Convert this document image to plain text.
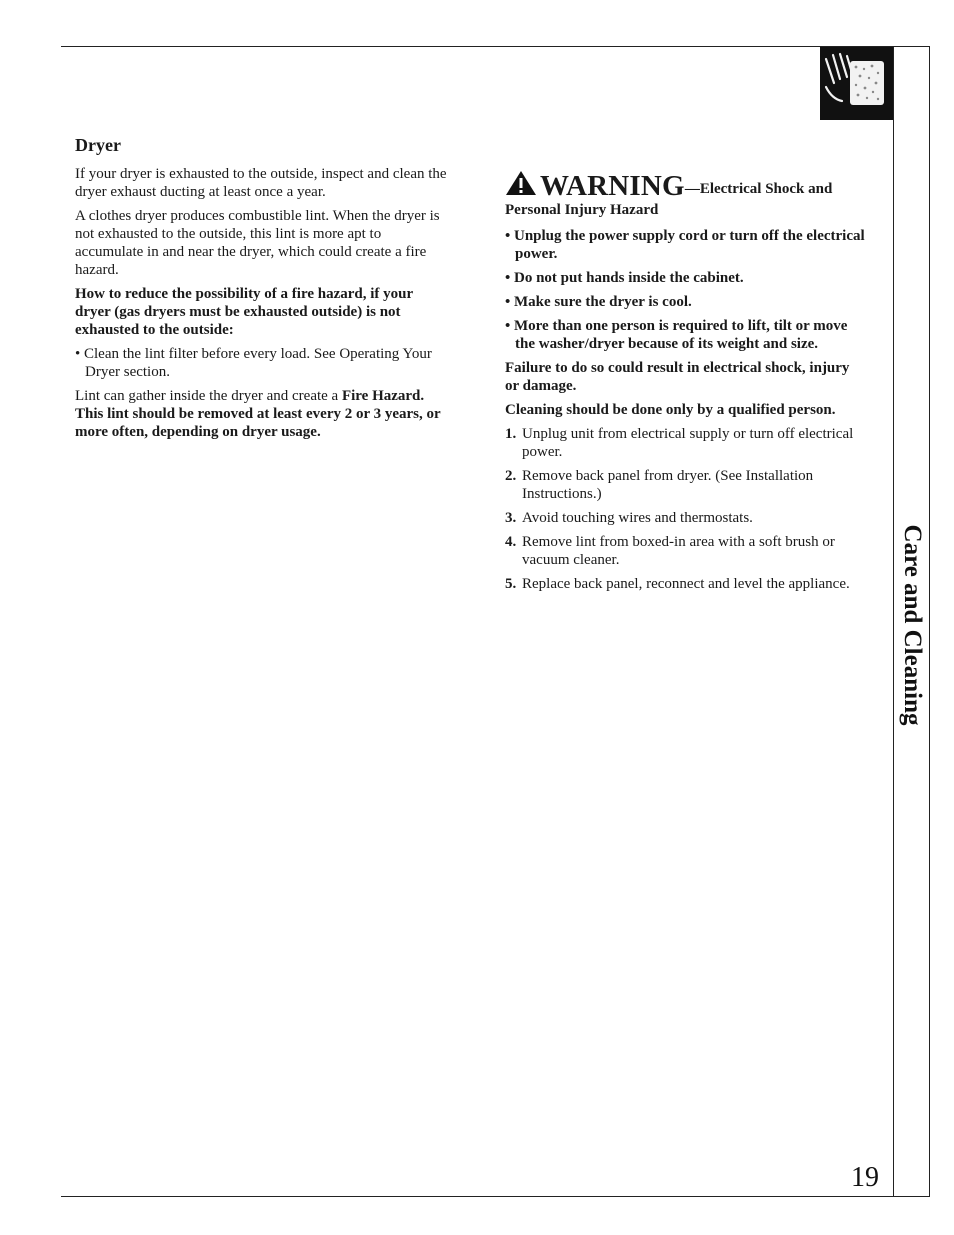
Care and Cleaning
19
Dryer

If your dryer is exhausted to the outside, inspect and clean the dryer exhaust ducting at least once a year.

A clothes dryer produces combustible lint. When the dryer is not exhausted to the outside, this lint is more apt to accumulate in and near the dryer, which could create a fire hazard.

How to reduce the possibility of a fire hazard, if your dryer (gas dryers must be exhausted outside) is not exhausted to the outside:

• Clean the lint filter before every load. See Operating Your Dryer section.

Lint can gather inside the dryer and create a Fire Hazard. This lint should be removed at least every 2 or 3 years, or more often, depending on dryer usage.

WARNING—Electrical Shock and
Personal Injury Hazard

• Unplug the power supply cord or turn off the electrical power.

• Do not put hands inside the cabinet.

• Make sure the dryer is cool.

• More than one person is required to lift, tilt or move the washer/dryer because of its weight and size.

Failure to do so could result in electrical shock, injury or damage.

Cleaning should be done only by a qualified person.

1. Unplug unit from electrical supply or turn off electrical power.
2. Remove back panel from dryer. (See Installation Instructions.)
3. Avoid touching wires and thermostats.
4. Remove lint from boxed-in area with a soft brush or vacuum cleaner.
5. Replace back panel, reconnect and level the appliance.
